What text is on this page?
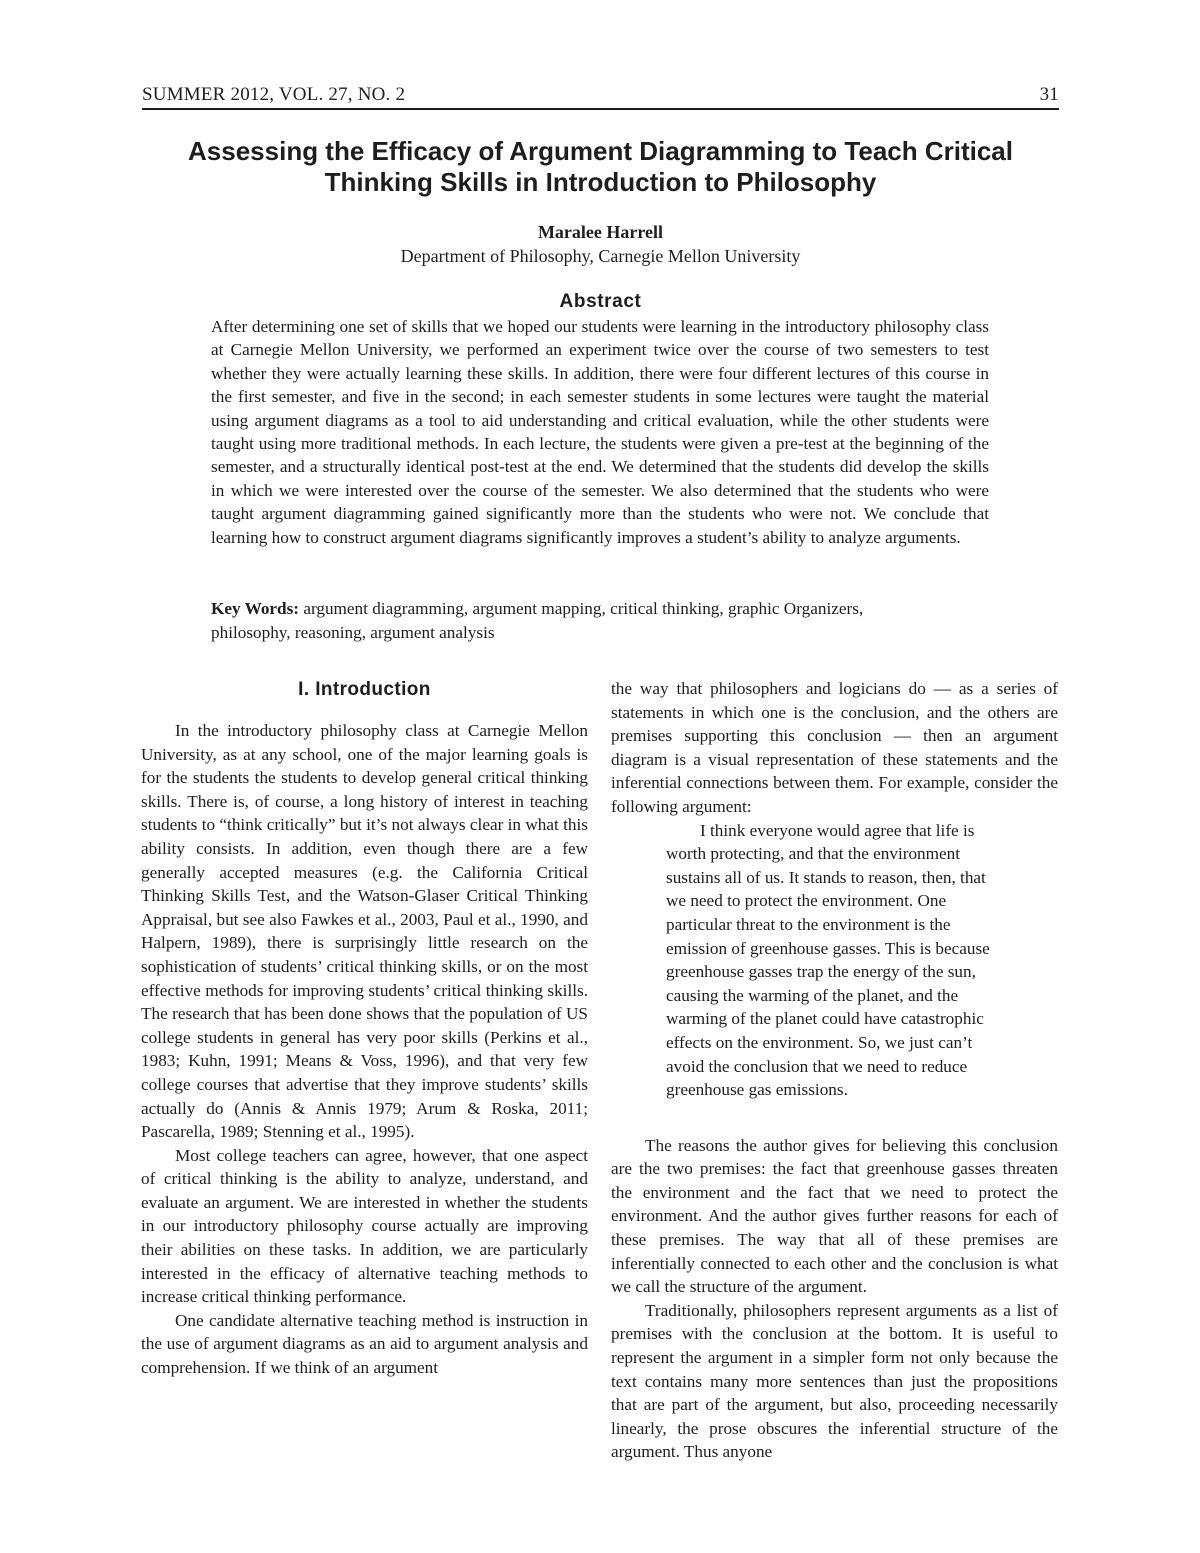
SUMMER 2012, VOL. 27, NO. 2	31
Assessing the Efficacy of Argument Diagramming to Teach Critical Thinking Skills in Introduction to Philosophy
Maralee Harrell
Department of Philosophy, Carnegie Mellon University
Abstract

After determining one set of skills that we hoped our students were learning in the introductory philosophy class at Carnegie Mellon University, we performed an experiment twice over the course of two semesters to test whether they were actually learning these skills. In addition, there were four different lectures of this course in the first semester, and five in the second; in each semester students in some lectures were taught the material using argument diagrams as a tool to aid understanding and critical evaluation, while the other students were taught using more traditional methods. In each lecture, the students were given a pre-test at the beginning of the semester, and a structurally identical post-test at the end. We determined that the students did develop the skills in which we were interested over the course of the semester. We also determined that the students who were taught argument diagramming gained significantly more than the students who were not. We conclude that learning how to construct argument diagrams significantly improves a student’s ability to analyze arguments.

Key Words: argument diagramming, argument mapping, critical thinking, graphic Organizers, philosophy, reasoning, argument analysis

I. Introduction

In the introductory philosophy class at Carnegie Mellon University, as at any school, one of the major learning goals is for the students the students to develop general critical thinking skills. There is, of course, a long history of interest in teaching students to “think critically” but it’s not always clear in what this ability consists. In addition, even though there are a few generally accepted measures (e.g. the California Critical Thinking Skills Test, and the Watson-Glaser Critical Thinking Appraisal, but see also Fawkes et al., 2003, Paul et al., 1990, and Halpern, 1989), there is surprisingly little research on the sophistication of students’ critical thinking skills, or on the most effective methods for improving students’ critical thinking skills. The research that has been done shows that the population of US college students in general has very poor skills (Perkins et al., 1983; Kuhn, 1991; Means & Voss, 1996), and that very few college courses that advertise that they improve students’ skills actually do (Annis & Annis 1979; Arum & Roska, 2011; Pascarella, 1989; Stenning et al., 1995).

Most college teachers can agree, however, that one aspect of critical thinking is the ability to analyze, understand, and evaluate an argument. We are interested in whether the students in our introductory philosophy course actually are improving their abilities on these tasks. In addition, we are particularly interested in the efficacy of alternative teaching methods to increase critical thinking performance.

One candidate alternative teaching method is instruction in the use of argument diagrams as an aid to argument analysis and comprehension. If we think of an argument

the way that philosophers and logicians do — as a series of statements in which one is the conclusion, and the others are premises supporting this conclusion — then an argument diagram is a visual representation of these statements and the inferential connections between them. For example, consider the following argument:

I think everyone would agree that life is worth protecting, and that the environment sustains all of us. It stands to reason, then, that we need to protect the environment. One particular threat to the environment is the emission of greenhouse gasses. This is because greenhouse gasses trap the energy of the sun, causing the warming of the planet, and the warming of the planet could have catastrophic effects on the environment. So, we just can’t avoid the conclusion that we need to reduce greenhouse gas emissions.

The reasons the author gives for believing this conclusion are the two premises: the fact that greenhouse gasses threaten the environment and the fact that we need to protect the environment. And the author gives further reasons for each of these premises. The way that all of these premises are inferentially connected to each other and the conclusion is what we call the structure of the argument.

Traditionally, philosophers represent arguments as a list of premises with the conclusion at the bottom. It is useful to represent the argument in a simpler form not only because the text contains many more sentences than just the propositions that are part of the argument, but also, proceeding necessarily linearly, the prose obscures the inferential structure of the argument. Thus anyone
